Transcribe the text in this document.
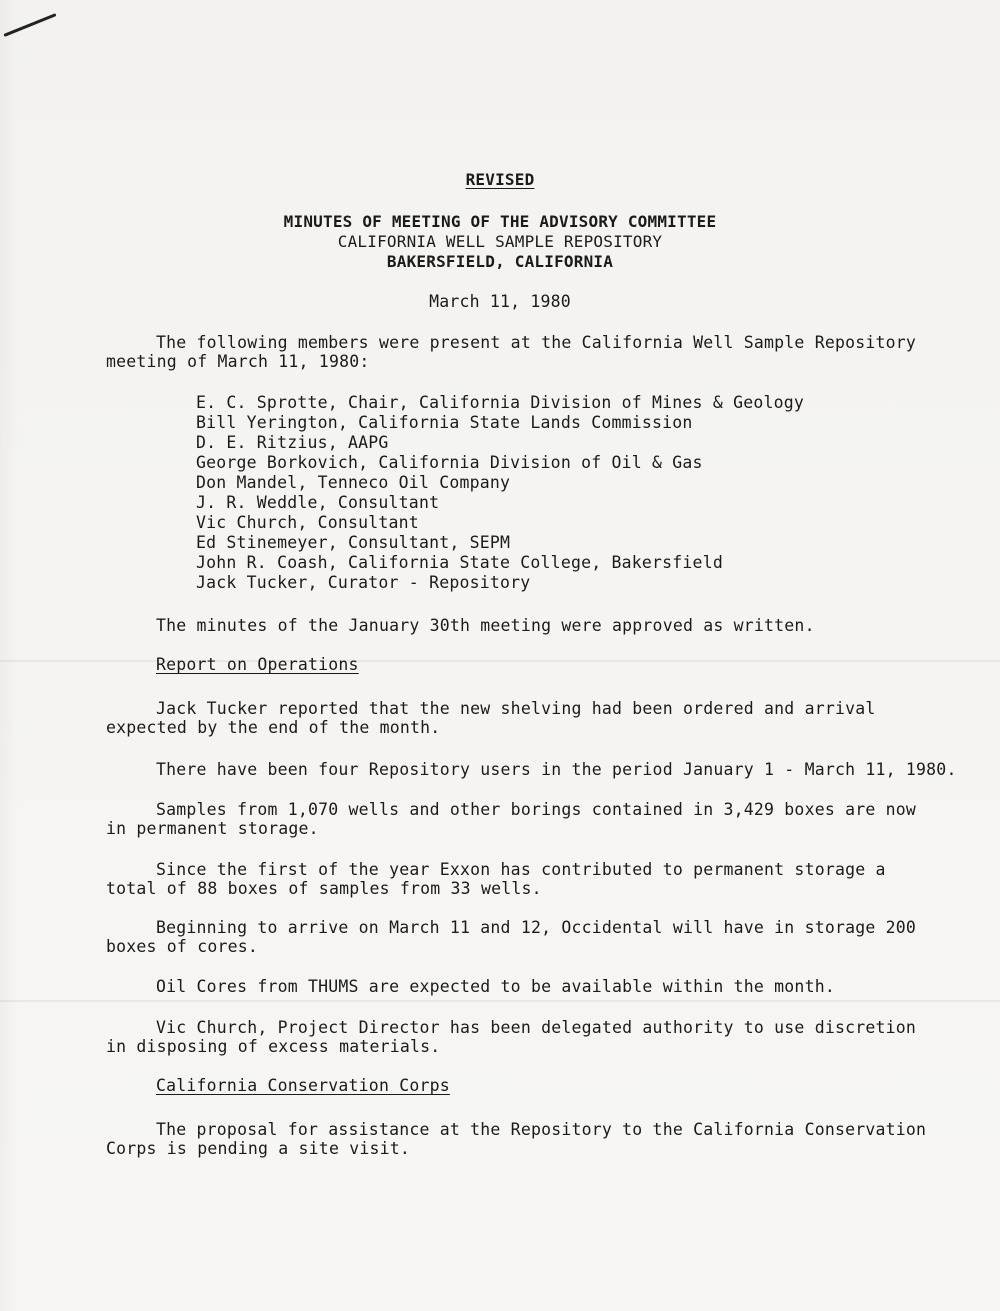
REVISED
MINUTES OF MEETING OF THE ADVISORY COMMITTEE
CALIFORNIA WELL SAMPLE REPOSITORY
BAKERSFIELD, CALIFORNIA
March 11, 1980
The following members were present at the California Well Sample Repository
meeting of March 11, 1980:
E. C. Sprotte, Chair, California Division of Mines & Geology
Bill Yerington, California State Lands Commission
D. E. Ritzius, AAPG
George Borkovich, California Division of Oil & Gas
Don Mandel, Tenneco Oil Company
J. R. Weddle, Consultant
Vic Church, Consultant
Ed Stinemeyer, Consultant, SEPM
John R. Coash, California State College, Bakersfield
Jack Tucker, Curator - Repository
The minutes of the January 30th meeting were approved as written.
Report on Operations
Jack Tucker reported that the new shelving had been ordered and arrival
expected by the end of the month.
There have been four Repository users in the period January 1 - March 11, 1980.
Samples from 1,070 wells and other borings contained in 3,429 boxes are now
in permanent storage.
Since the first of the year Exxon has contributed to permanent storage a
total of 88 boxes of samples from 33 wells.
Beginning to arrive on March 11 and 12, Occidental will have in storage 200
boxes of cores.
Oil Cores from THUMS are expected to be available within the month.
Vic Church, Project Director has been delegated authority to use discretion
in disposing of excess materials.
California Conservation Corps
The proposal for assistance at the Repository to the California Conservation
Corps is pending a site visit.
